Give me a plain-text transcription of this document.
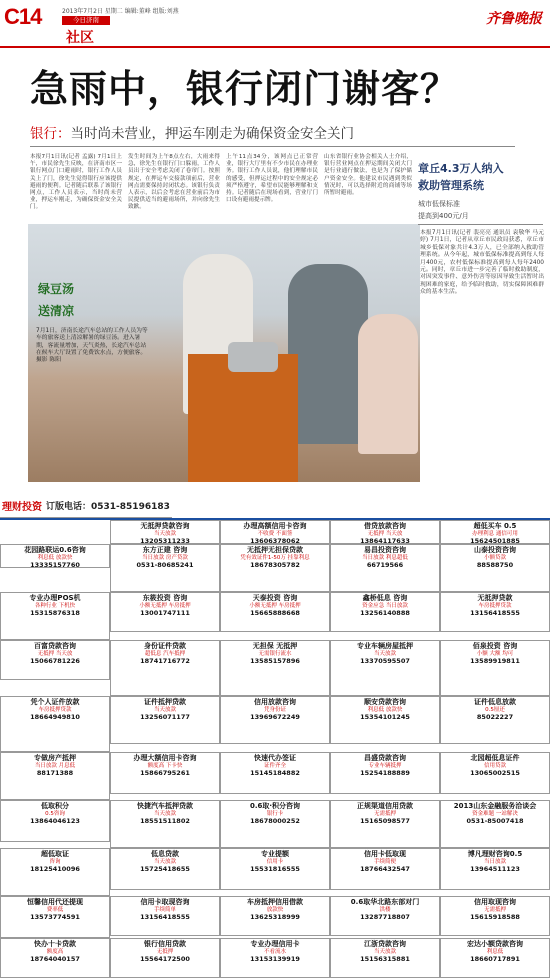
C14	2013年7月2日 星期二 编辑:董峰 组版:刘燕
今日济南
社区
齐鲁晚报
急雨中，银行闭门谢客？
银行：当时尚未营业，押运车刚走为确保资金安全关门
本报7月1日讯(记者 孟露) 7月1日上午，市民徐先生反映，在济南市区一银行网点门口避雨时，银行工作人员关上了门，徐先生觉得银行应该提供避雨的便利。记者随后联系了该银行网点，工作人员表示，当时尚未营业，押运车刚走，为确保资金安全关门。
发生时间为上午8点左右，大雨来得急，徐先生在银行门口躲雨，工作人员出于安全考虑关闭了卷帘门。按照规定，在押运车交接款项前后，营业网点需要保持封闭状态。该银行负责人表示，以后会考虑在营业前后为市民提供适当的避雨场所，并向徐先生致歉。
上午11点34分，该网点已正常营业，银行大厅里有不少市民在办理业务。银行工作人员说，他们理解市民的感受，但押运过程中的安全规定必须严格遵守，希望市民能够理解和支持。记者随后在现场看到，营业厅门口设有避雨提示牌。
山东省银行业协会相关人士介绍，银行营业网点在押运期间关闭大门是行业通行做法，也是为了保护储户资金安全。他建议市民遇到类似情况时，可以选择附近的商铺等场所暂时避雨。
绿豆汤
送清凉
7月1日，济南长途汽车总站的工作人员为等车的旅客送上清凉解暑的绿豆汤。进入暑期，客流量增加，天气炎热，长途汽车总站在候车大厅设置了免费饮水点，方便旅客。摄影 陈阳
章丘4.3万人纳入
救助管理系统
城市低保标准
提高到400元/月
本报7月1日讯(记者 裴亮亮 通讯员 袁敬华 马元婷) 7月1日，记者从章丘市民政局获悉，章丘市城乡低保对象共计4.3万人，已全部纳入救助管理系统。从今年起，城市低保标准提高到每人每月400元，农村低保标准提高到每人每年2400元。同时，章丘市进一步完善了临时救助制度，对因突发事件、意外伤害等原因导致生活暂时出现困难的家庭，给予临时救助，切实保障困难群众的基本生活。
理财投资 订版电话：0531-85196183
无抵押贷款咨询
当天放款
13205311233
办理高额信用卡咨询
不收费 不面签
13606378062
借贷放款咨询
无抵押 当天放
13864117633
超低买车 0.5
办理利息 通信可用
15624501885
花园路联运0.6咨询
利息低 放款快
13335157760
东方正建 咨询
当日放款 房产贷款
0531-80685241
无抵押无担保贷款
凭有效证件1-50万 挂靠利息
18678305782
易昌投资咨询
当日放款 利息超低
66719566
山泰投资咨询
小额贷款
88588750
专业办理POS机
各种行业 下机快
15315876318
东筱投资 咨询
小额无抵押 车房抵押
13001747111
天泰投资 咨询
小额无抵押 车房抵押
15665888668
鑫桥低息 咨询
资金应急 当日放款
13256140888
无抵押贷款
车房抵押贷款
13156418555
百富贷款咨询
无抵押 当天放
15066781226
身份证件贷款
超低息 汽车抵押
18741716772
无担保 无抵押
无需银行流水
13585157896
专业车辆房屋抵押
当天放款
13370595507
佰泉投资 咨询
小额 大额 均可
13589919811
凭个人证件放款
车房抵押贷款
18664949810
证件抵押贷款
当天放款
13256071177
信用放款咨询
凭身份证
13969672249
顺安贷款咨询
利息低 放款快
15354101245
证件低息放款
0.5厘还
85022227
专做房产抵押
当日放款 月息低
88171388
办理大额信用卡咨询
额度高 下卡快
15866795261
快速代办签证
证件齐全
15145184882
昌盛贷款咨询
专业车辆抵押
15254188889
北园超低息证件
信用贷款
13065002515
低取积分
0.5咨询
13864046123
快捷汽车抵押贷款
当天放款
18551511802
0.6取·积分咨询
银行卡
18678000252
正规渠道信用贷款
无需抵押
15165098577
2013山东金融服务洽谈会
资金难题 一站解决
0531-85007418
超低取证
咨询
18125410096
低息贷款
当天放款
15725418655
专业提额
信用卡
15531816555
信用卡低取现
手续简便
18766432547
博凡理财咨询0.5
当日放款
13964511123
恒馨信用代还提现
费率低
13573774591
信用卡取现咨询
手续简单
13156418555
车房抵押信用借款
放款快
13625318999
0.6取华北路东部对门
洪楼
13287718807
信用取现咨询
无需抵押
15615918588
快办十卡贷款
额度高
18764040157
银行信用贷款
无抵押
15564172500
专业办理信用卡
不看流水
13153139919
江浙贷款咨询
当天放款
15156315881
宏达小额贷款咨询
利息低
18660717891
